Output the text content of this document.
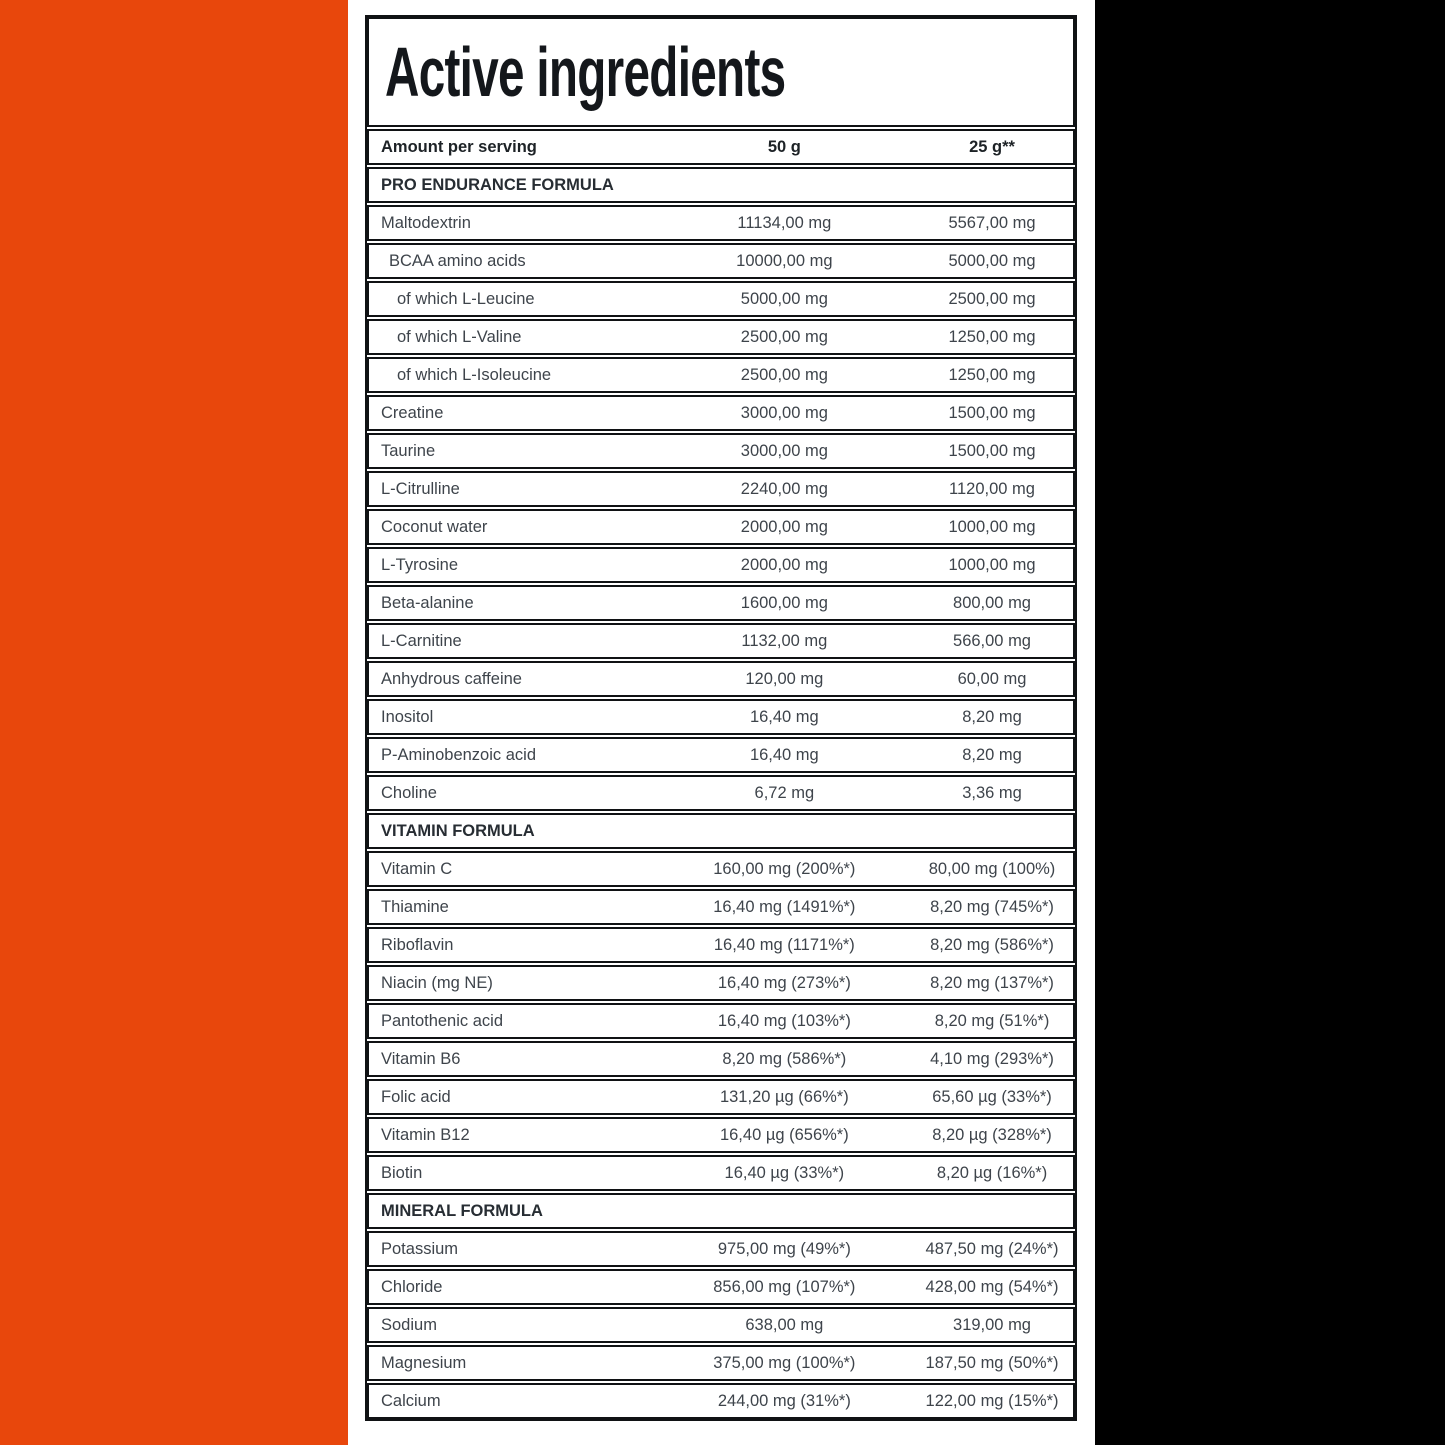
Active ingredients
Amount per serving	50 g	25 g**
PRO ENDURANCE FORMULA
Maltodextrin	11134,00 mg	5567,00 mg
BCAA amino acids	10000,00 mg	5000,00 mg
of which L-Leucine	5000,00 mg	2500,00 mg
of which L-Valine	2500,00 mg	1250,00 mg
of which L-Isoleucine	2500,00 mg	1250,00 mg
Creatine	3000,00 mg	1500,00 mg
Taurine	3000,00 mg	1500,00 mg
L-Citrulline	2240,00 mg	1120,00 mg
Coconut water	2000,00 mg	1000,00 mg
L-Tyrosine	2000,00 mg	1000,00 mg
Beta-alanine	1600,00 mg	800,00 mg
L-Carnitine	1132,00 mg	566,00 mg
Anhydrous caffeine	120,00 mg	60,00 mg
Inositol	16,40 mg	8,20 mg
P-Aminobenzoic acid	16,40 mg	8,20 mg
Choline	6,72 mg	3,36 mg
VITAMIN FORMULA
Vitamin C	160,00 mg (200%*)	80,00 mg (100%)
Thiamine	16,40 mg (1491%*)	8,20 mg (745%*)
Riboflavin	16,40 mg (1171%*)	8,20 mg (586%*)
Niacin (mg NE)	16,40 mg (273%*)	8,20 mg (137%*)
Pantothenic acid	16,40 mg (103%*)	8,20 mg (51%*)
Vitamin B6	8,20 mg (586%*)	4,10 mg (293%*)
Folic acid	131,20 µg (66%*)	65,60 µg (33%*)
Vitamin B12	16,40 µg (656%*)	8,20 µg (328%*)
Biotin	16,40 µg (33%*)	8,20 µg (16%*)
MINERAL FORMULA
Potassium	975,00 mg (49%*)	487,50 mg (24%*)
Chloride	856,00 mg (107%*)	428,00 mg (54%*)
Sodium	638,00 mg	319,00 mg
Magnesium	375,00 mg (100%*)	187,50 mg (50%*)
Calcium	244,00 mg (31%*)	122,00 mg (15%*)
